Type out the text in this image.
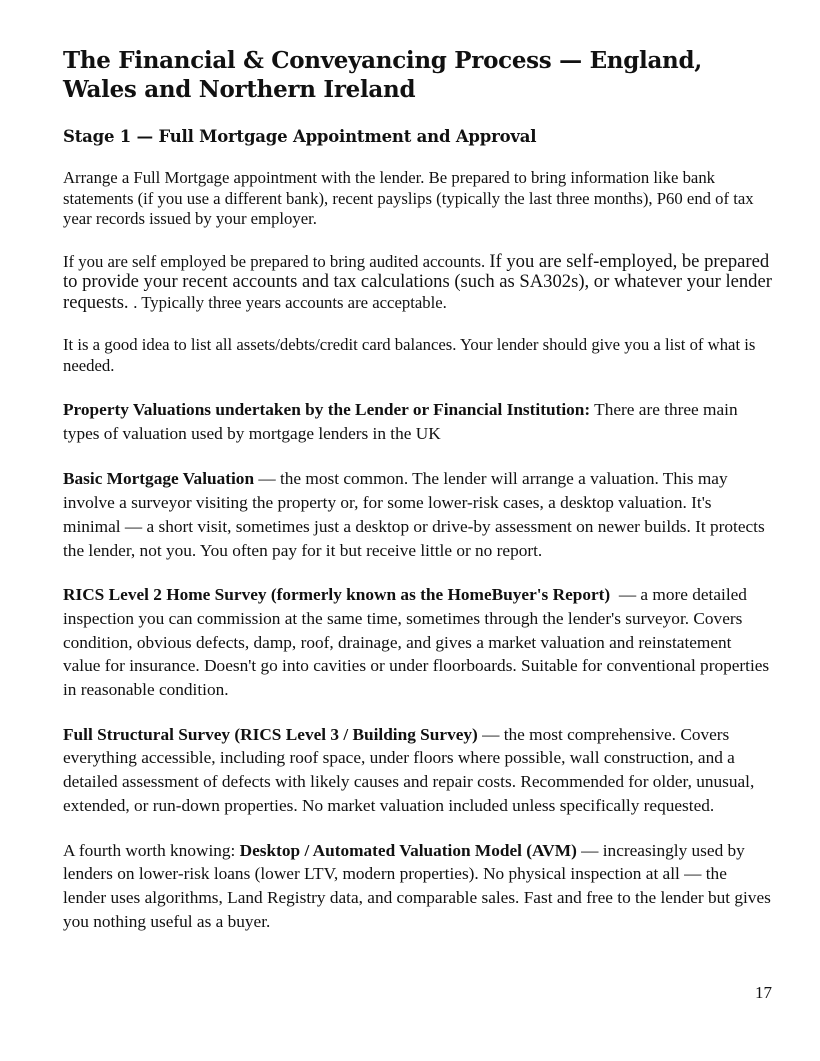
The Financial & Conveyancing Process — England, Wales and Northern Ireland
Stage 1 — Full Mortgage Appointment and Approval

Arrange a Full Mortgage appointment with the lender. Be prepared to bring information like bank statements (if you use a different bank), recent payslips (typically the last three months), P60 end of tax year records issued by your employer.

If you are self employed be prepared to bring audited accounts. If you are self-employed, be prepared to provide your recent accounts and tax calculations (such as SA302s), or whatever your lender requests. . Typically three years accounts are acceptable.

It is a good idea to list all assets/debts/credit card balances. Your lender should give you a list of what is needed.

Property Valuations undertaken by the Lender or Financial Institution: There are three main types of valuation used by mortgage lenders in the UK

Basic Mortgage Valuation — the most common. The lender will arrange a valuation. This may involve a surveyor visiting the property or, for some lower-risk cases, a desktop valuation. It's minimal — a short visit, sometimes just a desktop or drive-by assessment on newer builds. It protects the lender, not you. You often pay for it but receive little or no report.

RICS Level 2 Home Survey (formerly known as the HomeBuyer's Report)  — a more detailed inspection you can commission at the same time, sometimes through the lender's surveyor. Covers condition, obvious defects, damp, roof, drainage, and gives a market valuation and reinstatement value for insurance. Doesn't go into cavities or under floorboards. Suitable for conventional properties in reasonable condition.

Full Structural Survey (RICS Level 3 / Building Survey) — the most comprehensive. Covers everything accessible, including roof space, under floors where possible, wall construction, and a detailed assessment of defects with likely causes and repair costs. Recommended for older, unusual, extended, or run-down properties. No market valuation included unless specifically requested.

A fourth worth knowing: Desktop / Automated Valuation Model (AVM) — increasingly used by lenders on lower-risk loans (lower LTV, modern properties). No physical inspection at all — the lender uses algorithms, Land Registry data, and comparable sales. Fast and free to the lender but gives you nothing useful as a buyer.

17
